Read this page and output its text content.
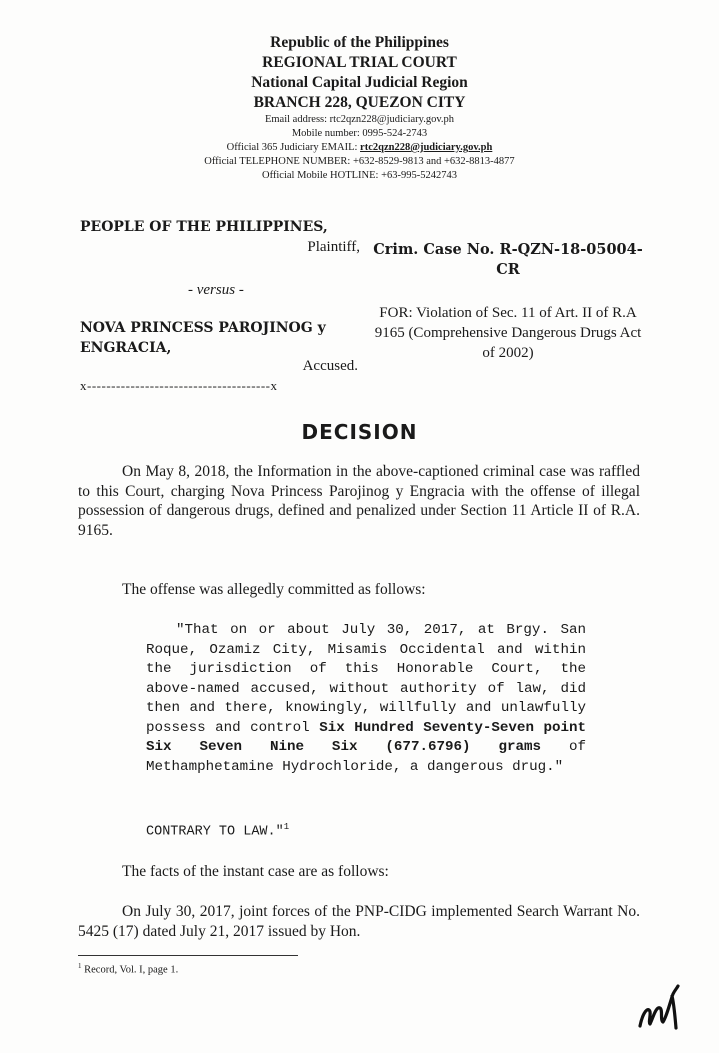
Republic of the Philippines
REGIONAL TRIAL COURT
National Capital Judicial Region
BRANCH 228, QUEZON CITY
Email address: rtc2qzn228@judiciary.gov.ph
Mobile number: 0995-524-2743
Official 365 Judiciary EMAIL: rtc2qzn228@judiciary.gov.ph
Official TELEPHONE NUMBER: +632-8529-9813 and +632-8813-4877
Official Mobile HOTLINE: +63-995-5242743
PEOPLE OF THE PHILIPPINES,
Plaintiff,
- versus -
NOVA PRINCESS PAROJINOG y ENGRACIA,
Accused.
x--------------------------------------x
Crim. Case No. R-QZN-18-05004-CR
FOR: Violation of Sec. 11 of Art. II of R.A 9165 (Comprehensive Dangerous Drugs Act of 2002)
DECISION
On May 8, 2018, the Information in the above-captioned criminal case was raffled to this Court, charging Nova Princess Parojinog y Engracia with the offense of illegal possession of dangerous drugs, defined and penalized under Section 11 Article II of R.A. 9165.
The offense was allegedly committed as follows:
"That on or about July 30, 2017, at Brgy. San Roque, Ozamiz City, Misamis Occidental and within the jurisdiction of this Honorable Court, the above-named accused, without authority of law, did then and there, knowingly, willfully and unlawfully possess and control Six Hundred Seventy-Seven point Six Seven Nine Six (677.6796) grams of Methamphetamine Hydrochloride, a dangerous drug."
CONTRARY TO LAW."$^1$
The facts of the instant case are as follows:
On July 30, 2017, joint forces of the PNP-CIDG implemented Search Warrant No. 5425 (17) dated July 21, 2017 issued by Hon.
$^1$ Record, Vol. I, page 1.
